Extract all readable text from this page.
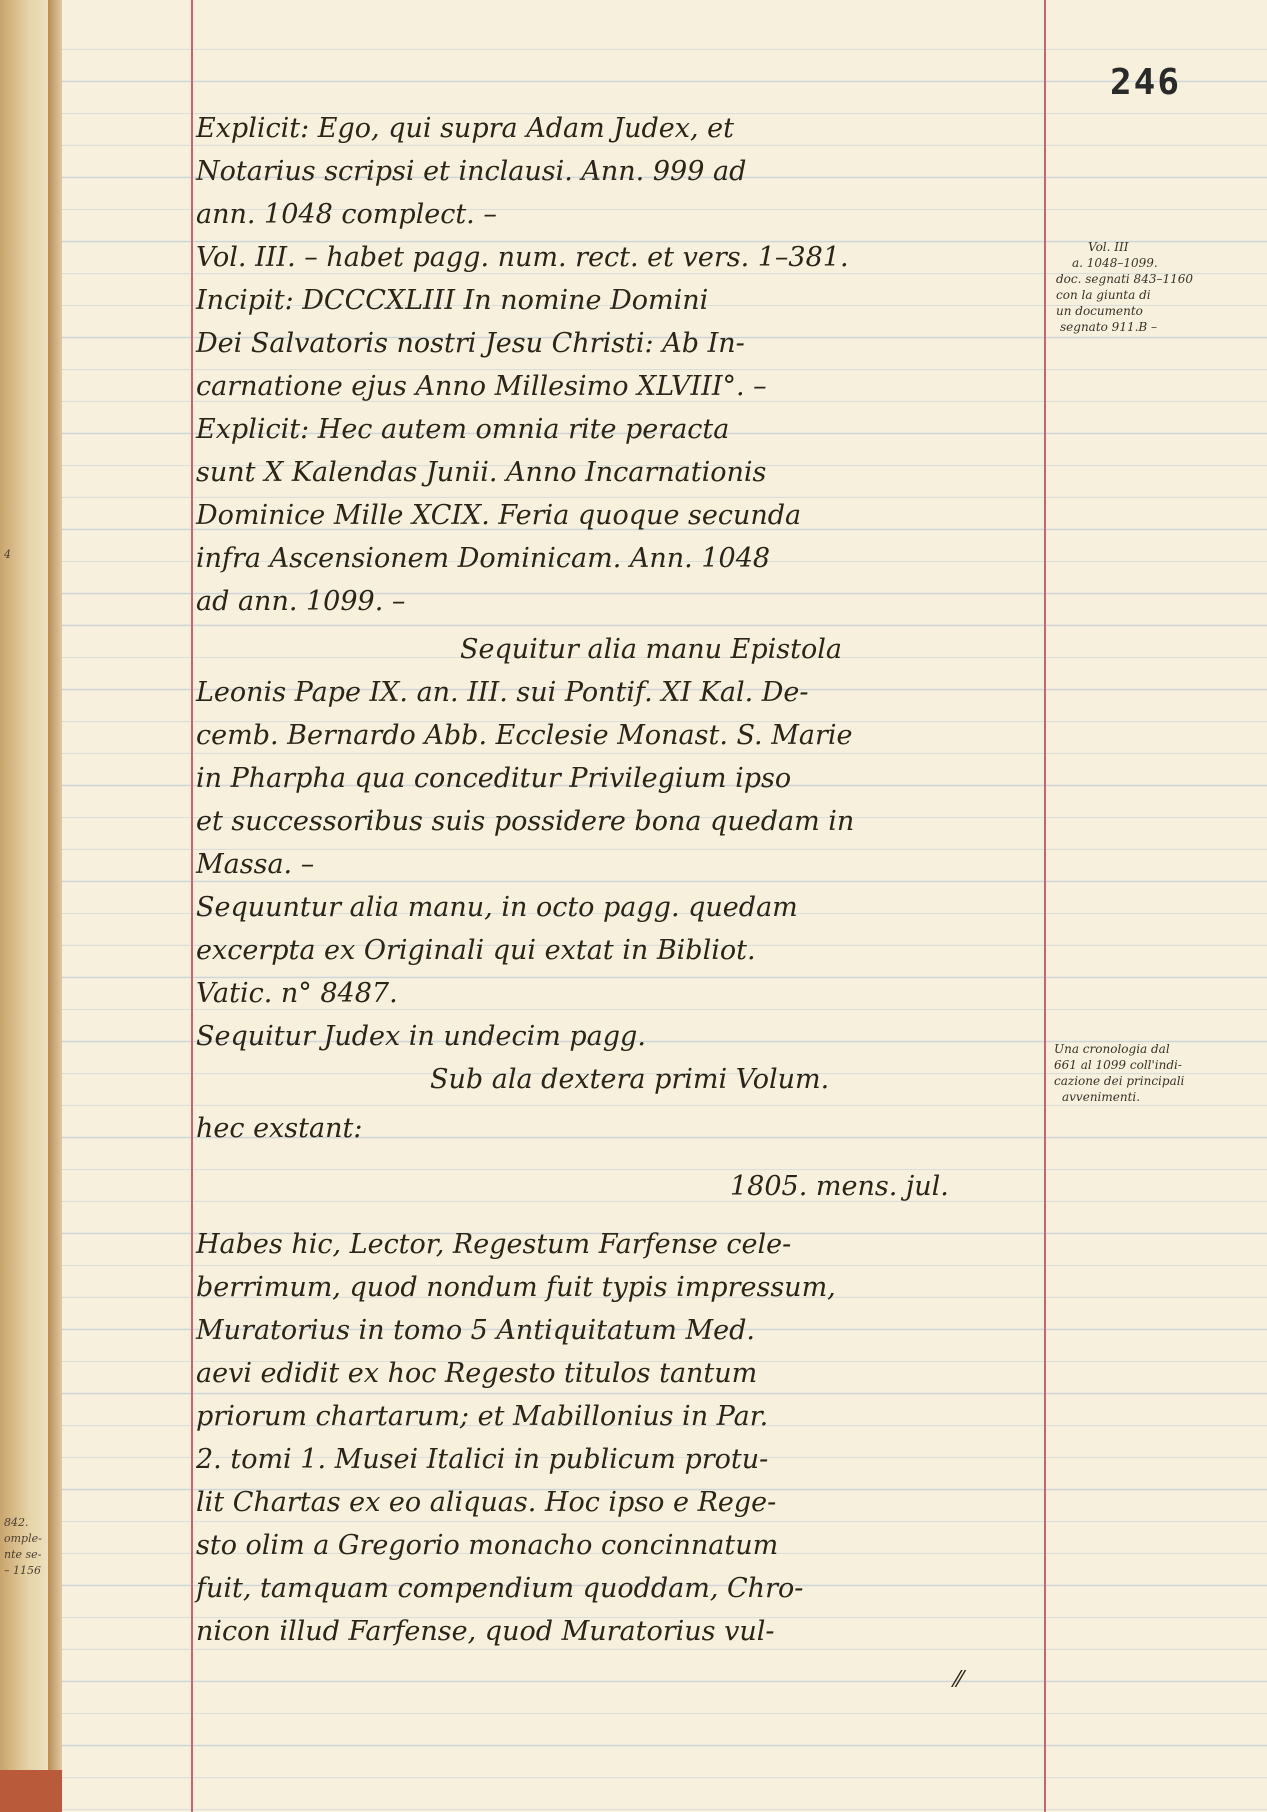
246
Explicit: Ego, qui supra Adam Judex, et
Notarius scripsi et inclausi. Ann. 999 ad
ann. 1048 complect. –
Vol. III. – habet pagg. num. rect. et vers. 1–381.
Incipit: DCCCXLIII In nomine Domini
Dei Salvatoris nostri Jesu Christi: Ab In-
carnatione ejus Anno Millesimo XLVIII°. –
Explicit: Hec autem omnia rite peracta
sunt X Kalendas Junii. Anno Incarnationis
Dominice Mille XCIX. Feria quoque secunda
infra Ascensionem Dominicam. Ann. 1048
ad ann. 1099. –
Sequitur alia manu Epistola
Leonis Pape IX. an. III. sui Pontif. XI Kal. De-
cemb. Bernardo Abb. Ecclesie Monast. S. Marie
in Pharpha qua conceditur Privilegium ipso
et successoribus suis possidere bona quedam in
Massa. –
Sequuntur alia manu, in octo pagg. quedam
excerpta ex Originali qui extat in Bibliot.
Vatic. n° 8487.
Sequitur Judex in undecim pagg.
Sub ala dextera primi Volum.
hec exstant:
1805. mens. jul.
Habes hic, Lector, Regestum Farfense cele-
berrimum, quod nondum fuit typis impressum,
Muratorius in tomo 5 Antiquitatum Med.
aevi edidit ex hoc Regesto titulos tantum
priorum chartarum; et Mabillonius in Par.
2. tomi 1. Musei Italici in publicum protu-
lit Chartas ex eo aliquas. Hoc ipso e Rege-
sto olim a Gregorio monacho concinnatum
fuit, tamquam compendium quoddam, Chro-
nicon illud Farfense, quod Muratorius vul-
Vol. III
a. 1048–1099.
doc. segnati 843–1160
con la giunta di
un documento
segnato 911.B –
Una cronologia dal
661 al 1099 coll'indi-
cazione dei principali
avvenimenti.
4
842.
omple-
nte se-
– 1156
⁄⁄
